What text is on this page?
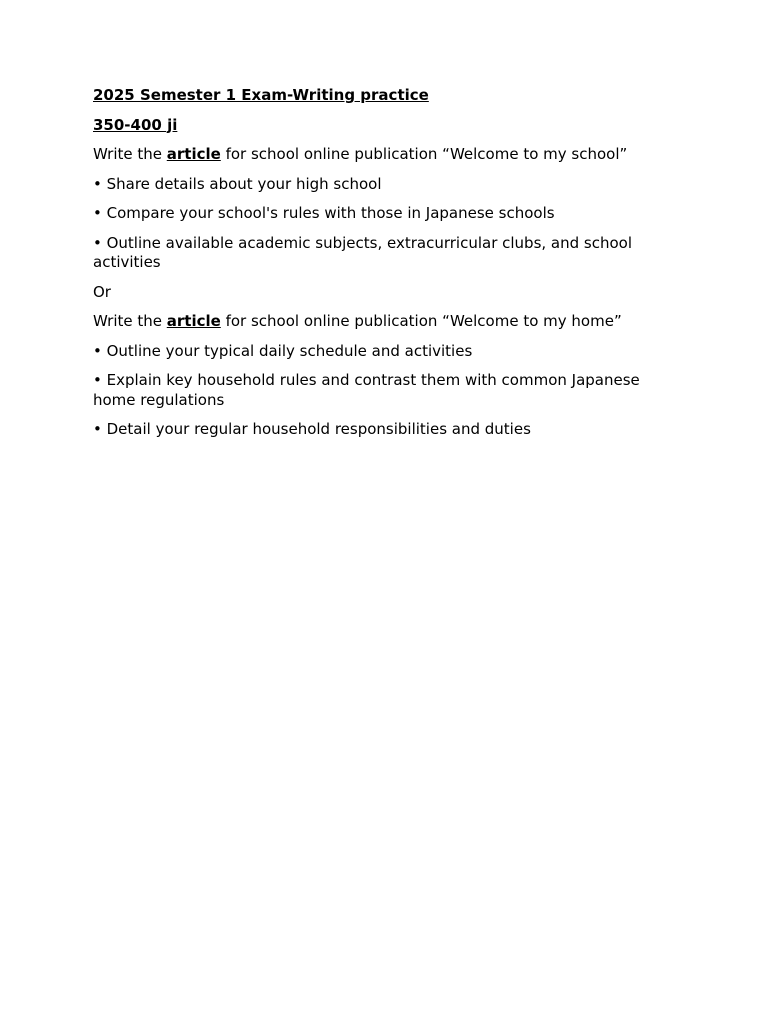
2025 Semester 1 Exam-Writing practice

350-400 ji

Write the article for school online publication “Welcome to my school”

• Share details about your high school

• Compare your school's rules with those in Japanese schools

• Outline available academic subjects, extracurricular clubs, and school activities

Or

Write the article for school online publication “Welcome to my home”

• Outline your typical daily schedule and activities

• Explain key household rules and contrast them with common Japanese home regulations

• Detail your regular household responsibilities and duties
